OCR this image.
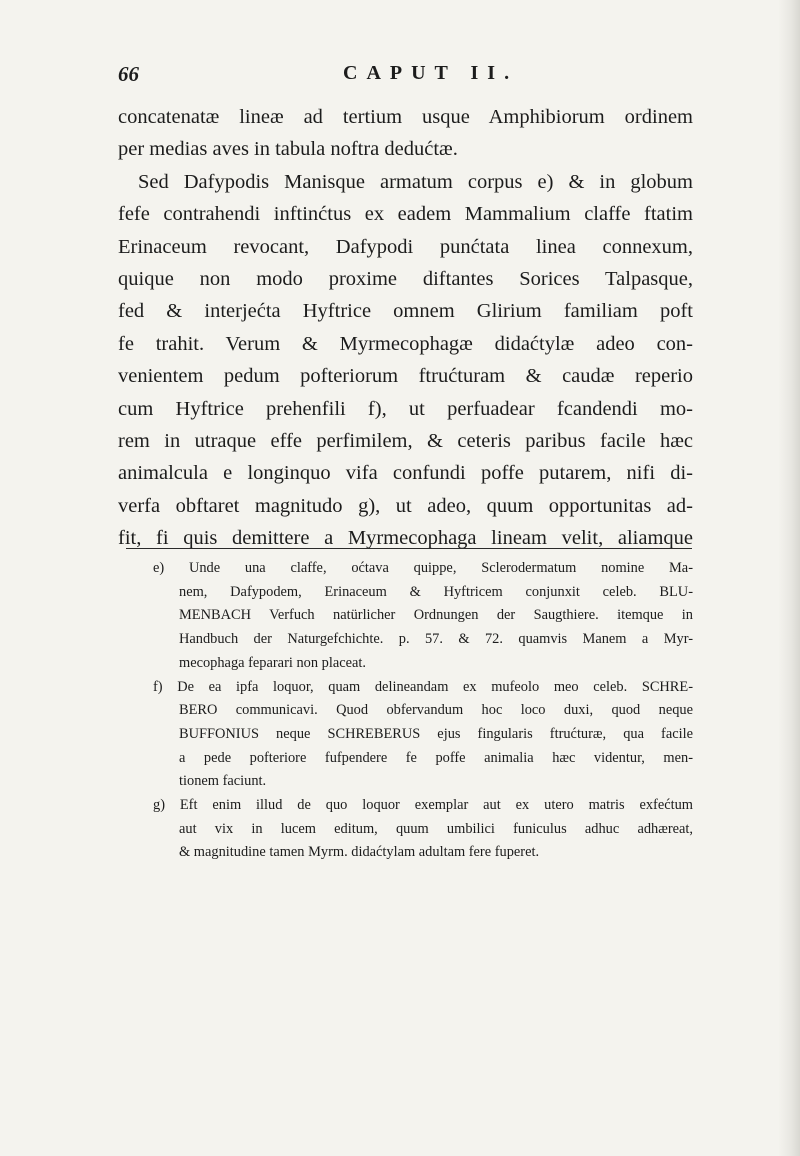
66	CAPUT II.
concatenatæ lineæ ad tertium usque Amphibiorum ordinem
per medias aves in tabula noftra dedućtæ.
Sed Dafypodis Manisque armatum corpus e) & in globum
fefe contrahendi inftinćtus ex eadem Mammalium claffe ftatim
Erinaceum revocant, Dafypodi punćtata linea connexum,
quique non modo proxime diftantes Sorices Talpasque,
fed & interjećta Hyftrice omnem Glirium familiam poft
fe trahit. Verum & Myrmecophagæ didaćtylæ adeo con-
venientem pedum pofteriorum ftrućturam & caudæ reperio
cum Hyftrice prehenfili f), ut perfuadear fcandendi mo-
rem in utraque effe perfimilem, & ceteris paribus facile hæc
animalcula e longinquo vifa confundi poffe putarem, nifi di-
verfa obftaret magnitudo g), ut adeo, quum opportunitas ad-
fit, fi quis demittere a Myrmecophaga lineam velit, aliamque
e) Unde una claffe, oćtava quippe, Sclerodermatum nomine Ma-
nem, Dafypodem, Erinaceum & Hyftricem conjunxit celeb. BLU-
MENBACH Verfuch natürlicher Ordnungen der Saugthiere. itemque in
Handbuch der Naturgefchichte. p. 57. & 72. quamvis Manem a Myr-
mecophaga feparari non placeat.
f) De ea ipfa loquor, quam delineandam ex mufeolo meo celeb. SCHRE-
BERO communicavi. Quod obfervandum hoc loco duxi, quod neque
BUFFONIUS neque SCHREBERUS ejus fingularis ftrućturæ, qua facile
a pede pofteriore fufpendere fe poffe animalia hæc videntur, men-
tionem faciunt.
g) Eft enim illud de quo loquor exemplar aut ex utero matris exfećtum
aut vix in lucem editum, quum umbilici funiculus adhuc adhæreat,
& magnitudine tamen Myrm. didaćtylam adultam fere fuperet.
